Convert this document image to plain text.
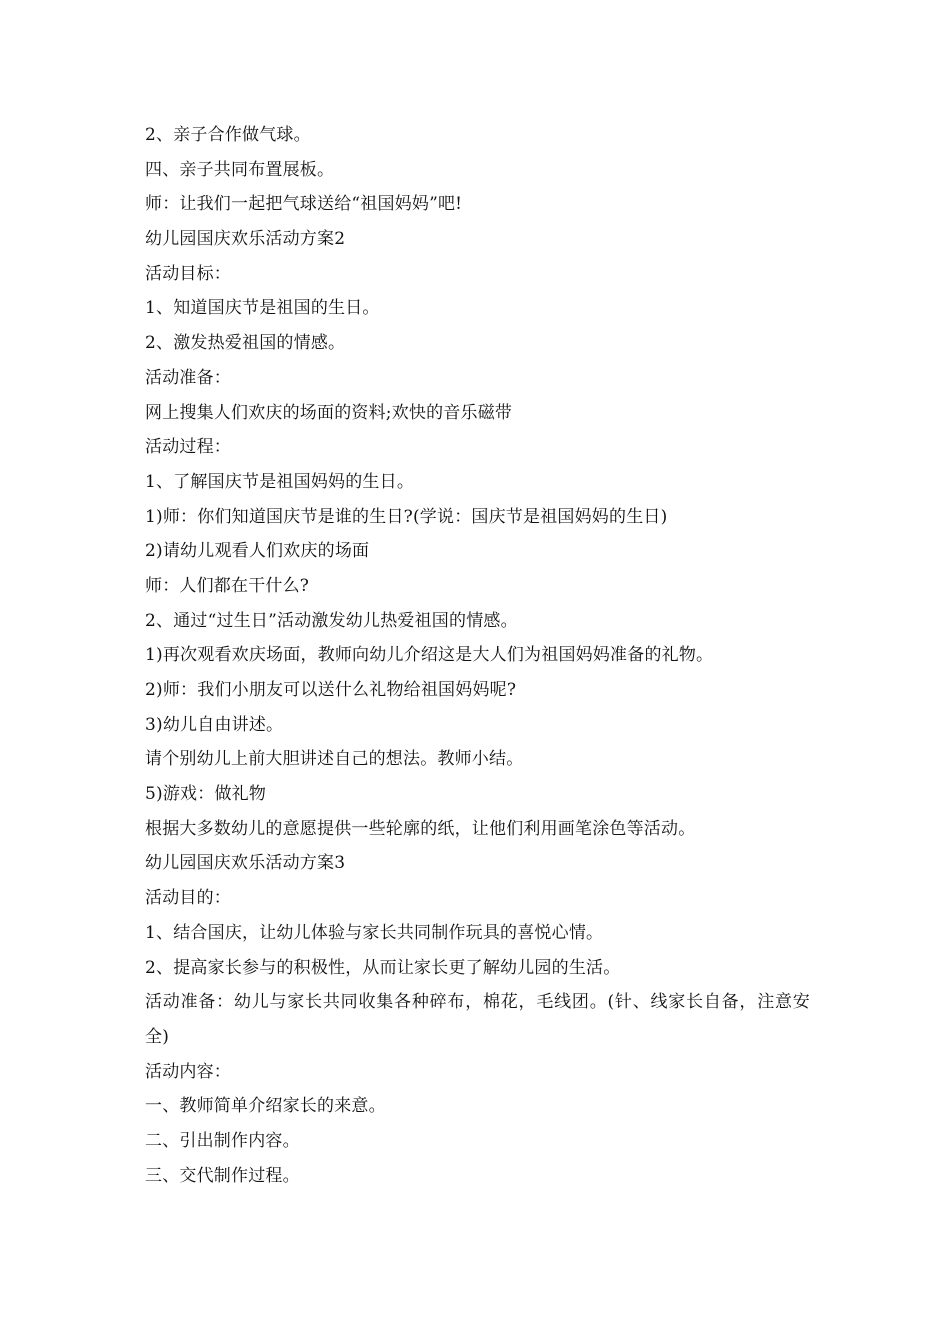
2、亲子合作做气球。
四、亲子共同布置展板。
师：让我们一起把气球送给“祖国妈妈”吧!
幼儿园国庆欢乐活动方案2
活动目标：
1、知道国庆节是祖国的生日。
2、激发热爱祖国的情感。
活动准备：
网上搜集人们欢庆的场面的资料;欢快的音乐磁带
活动过程：
1、了解国庆节是祖国妈妈的生日。
1)师：你们知道国庆节是谁的生日?(学说：国庆节是祖国妈妈的生日)
2)请幼儿观看人们欢庆的场面
师：人们都在干什么?
2、通过“过生日”活动激发幼儿热爱祖国的情感。
1)再次观看欢庆场面，教师向幼儿介绍这是大人们为祖国妈妈准备的礼物。
2)师：我们小朋友可以送什么礼物给祖国妈妈呢?
3)幼儿自由讲述。
请个别幼儿上前大胆讲述自己的想法。教师小结。
5)游戏：做礼物
根据大多数幼儿的意愿提供一些轮廓的纸，让他们利用画笔涂色等活动。
幼儿园国庆欢乐活动方案3
活动目的：
1、结合国庆，让幼儿体验与家长共同制作玩具的喜悦心情。
2、提高家长参与的积极性，从而让家长更了解幼儿园的生活。
活动准备：幼儿与家长共同收集各种碎布，棉花，毛线团。(针、线家长自备，注意安全)
活动内容：
一、教师简单介绍家长的来意。
二、引出制作内容。
三、交代制作过程。
